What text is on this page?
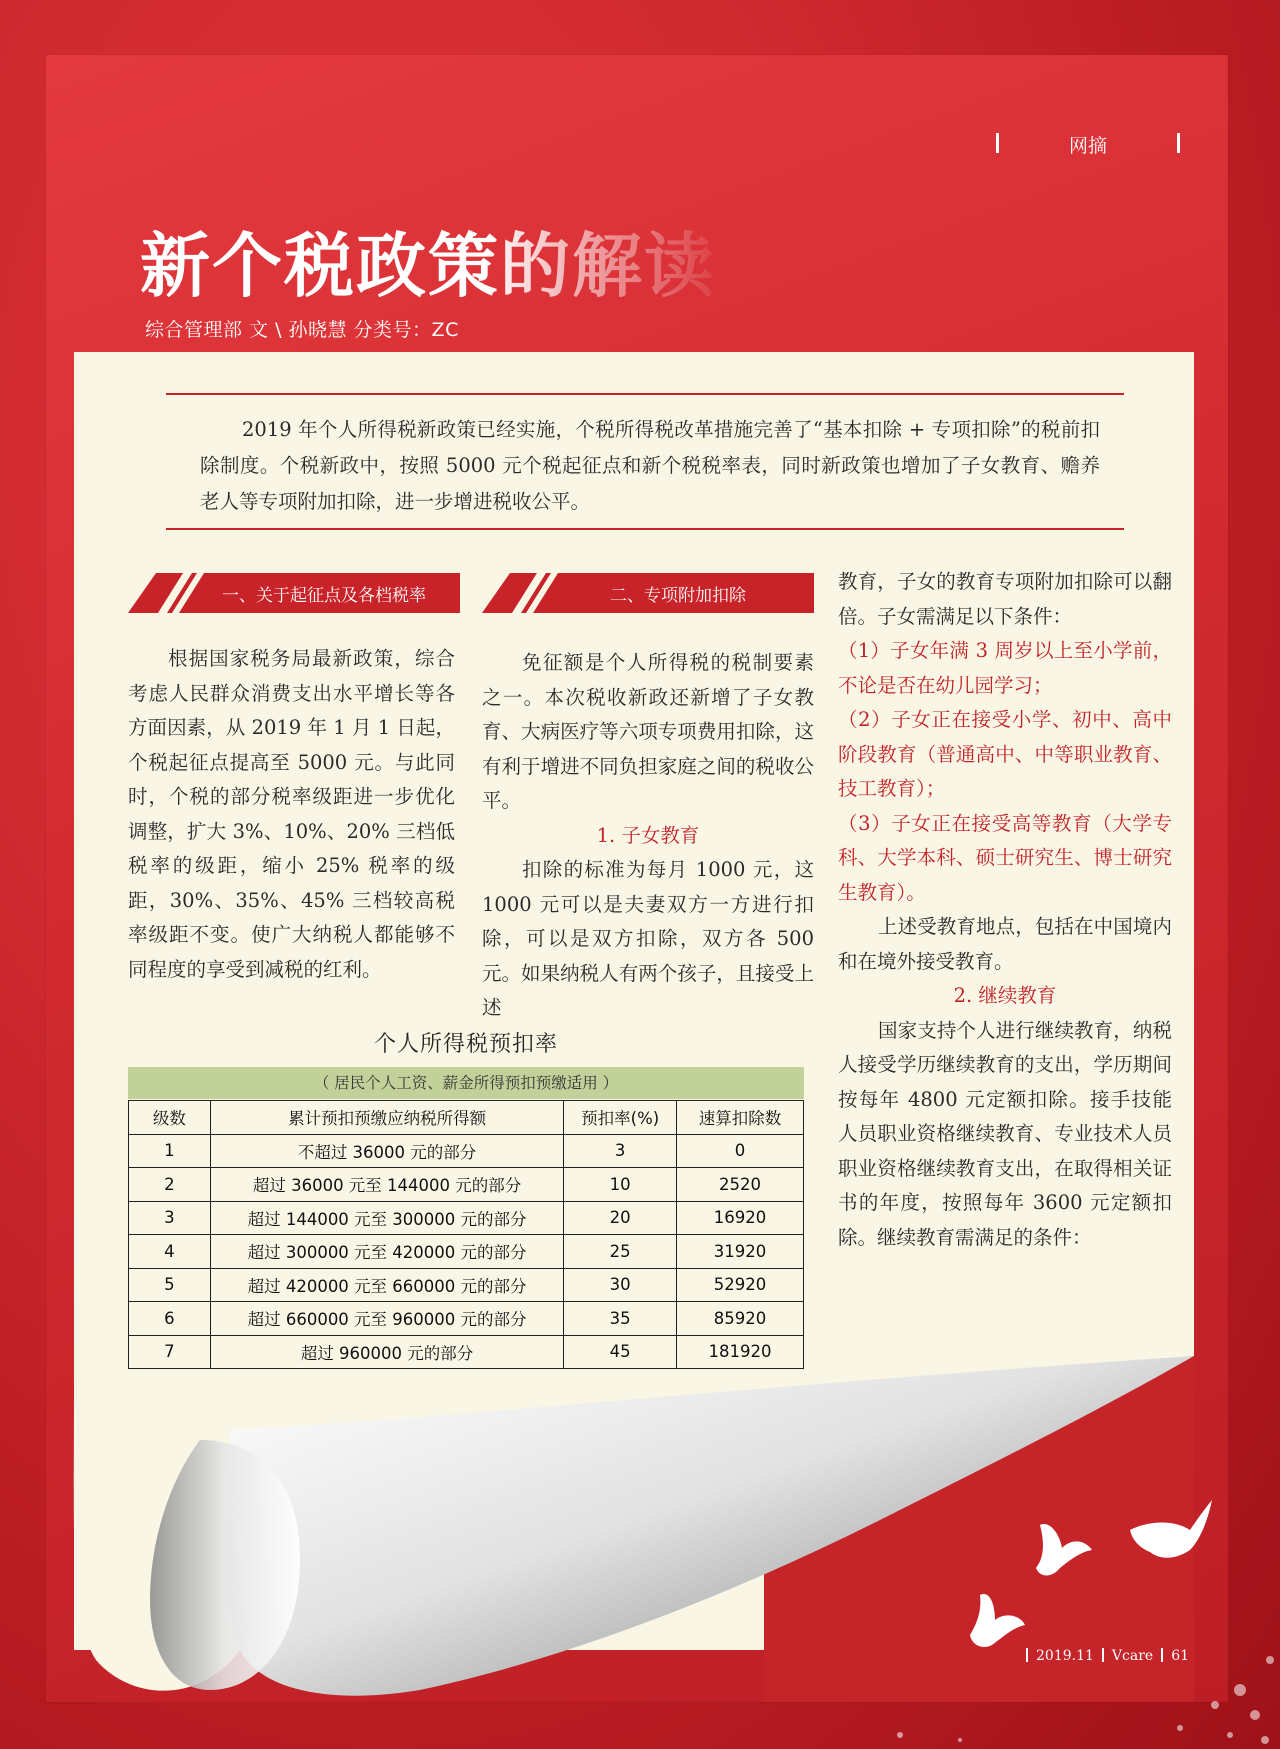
网摘
新个税政策的解读
综合管理部 文 \ 孙晓慧 分类号：ZC
2019 年个人所得税新政策已经实施，个税所得税改革措施完善了“基本扣除 + 专项扣除”的税前扣除制度。个税新政中，按照 5000 元个税起征点和新个税税率表，同时新政策也增加了子女教育、赡养老人等专项附加扣除，进一步增进税收公平。
一、关于起征点及各档税率

根据国家税务局最新政策，综合考虑人民群众消费支出水平增长等各方面因素，从 2019 年 1 月 1 日起，个税起征点提高至 5000 元。与此同时，个税的部分税率级距进一步优化调整，扩大 3%、10%、20% 三档低税率的级距，缩小 25% 税率的级距，30%、35%、45% 三档较高税率级距不变。使广大纳税人都能够不同程度的享受到减税的红利。

二、专项附加扣除

免征额是个人所得税的税制要素之一。本次税收新政还新增了子女教育、大病医疗等六项专项费用扣除，这有利于增进不同负担家庭之间的税收公平。

1. 子女教育

扣除的标准为每月 1000 元，这 1000 元可以是夫妻双方一方进行扣除，可以是双方扣除，双方各 500 元。如果纳税人有两个孩子，且接受上述

教育，子女的教育专项附加扣除可以翻倍。子女需满足以下条件：

（1）子女年满 3 周岁以上至小学前，不论是否在幼儿园学习；

（2）子女正在接受小学、初中、高中阶段教育（普通高中、中等职业教育、技工教育）；

（3）子女正在接受高等教育（大学专科、大学本科、硕士研究生、博士研究生教育）。

上述受教育地点，包括在中国境内和在境外接受教育。

2. 继续教育

国家支持个人进行继续教育，纳税人接受学历继续教育的支出，学历期间按每年 4800 元定额扣除。接手技能人员职业资格继续教育、专业技术人员职业资格继续教育支出，在取得相关证书的年度，按照每年 3600 元定额扣除。继续教育需满足的条件：

个人所得税预扣率
（ 居民个人工资、薪金所得预扣预缴适用 ）
级数	累计预扣预缴应纳税所得额	预扣率(%)	速算扣除数
1	不超过 36000 元的部分	3	0
2	超过 36000 元至 144000 元的部分	10	2520
3	超过 144000 元至 300000 元的部分	20	16920
4	超过 300000 元至 420000 元的部分	25	31920
5	超过 420000 元至 660000 元的部分	30	52920
6	超过 660000 元至 960000 元的部分	35	85920
7	超过 960000 元的部分	45	181920
2019.11 Vcare 61
